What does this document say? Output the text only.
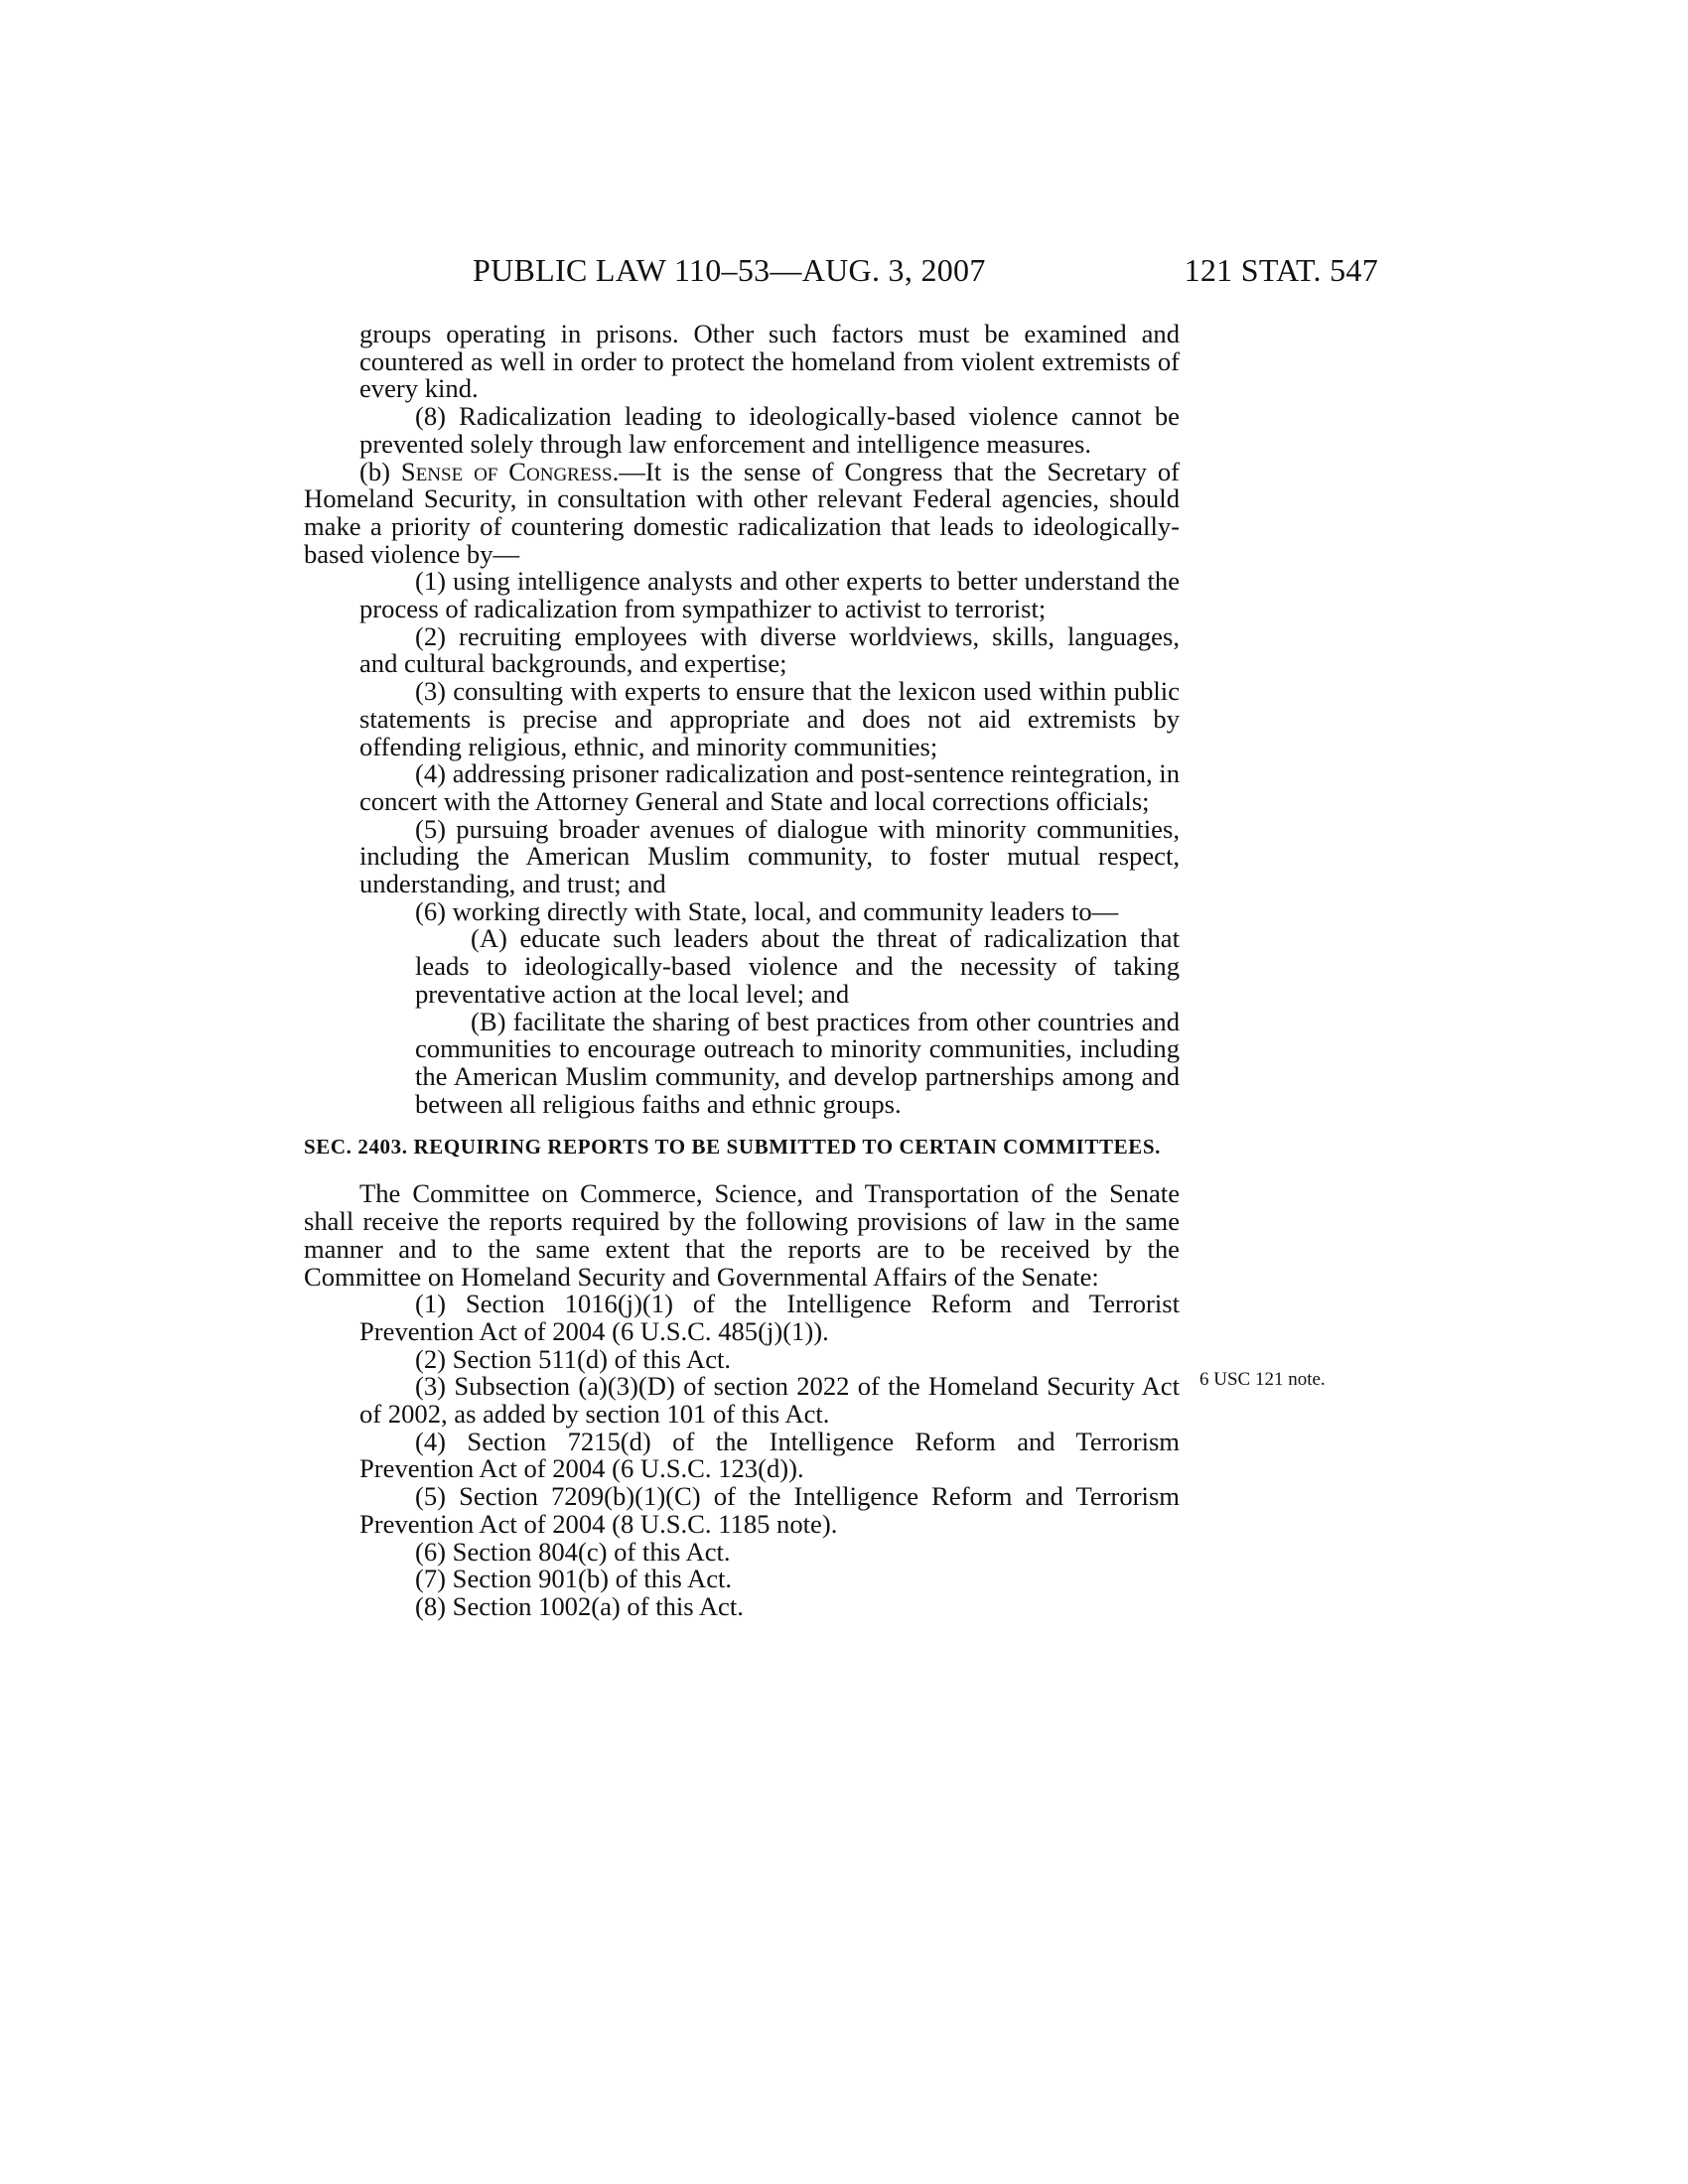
PUBLIC LAW 110–53—AUG. 3, 2007	121 STAT. 547

groups operating in prisons. Other such factors must be examined and countered as well in order to protect the homeland from violent extremists of every kind.

(8) Radicalization leading to ideologically-based violence cannot be prevented solely through law enforcement and intelligence measures.

(b) Sense of Congress.—It is the sense of Congress that the Secretary of Homeland Security, in consultation with other relevant Federal agencies, should make a priority of countering domestic radicalization that leads to ideologically-based violence by—

(1) using intelligence analysts and other experts to better understand the process of radicalization from sympathizer to activist to terrorist;

(2) recruiting employees with diverse worldviews, skills, languages, and cultural backgrounds, and expertise;

(3) consulting with experts to ensure that the lexicon used within public statements is precise and appropriate and does not aid extremists by offending religious, ethnic, and minority communities;

(4) addressing prisoner radicalization and post-sentence reintegration, in concert with the Attorney General and State and local corrections officials;

(5) pursuing broader avenues of dialogue with minority communities, including the American Muslim community, to foster mutual respect, understanding, and trust; and

(6) working directly with State, local, and community leaders to—

(A) educate such leaders about the threat of radicalization that leads to ideologically-based violence and the necessity of taking preventative action at the local level; and

(B) facilitate the sharing of best practices from other countries and communities to encourage outreach to minority communities, including the American Muslim community, and develop partnerships among and between all religious faiths and ethnic groups.

SEC. 2403. REQUIRING REPORTS TO BE SUBMITTED TO CERTAIN COMMITTEES.

The Committee on Commerce, Science, and Transportation of the Senate shall receive the reports required by the following provisions of law in the same manner and to the same extent that the reports are to be received by the Committee on Homeland Security and Governmental Affairs of the Senate:

(1) Section 1016(j)(1) of the Intelligence Reform and Terrorist Prevention Act of 2004 (6 U.S.C. 485(j)(1)).

(2) Section 511(d) of this Act.

(3) Subsection (a)(3)(D) of section 2022 of the Homeland Security Act of 2002, as added by section 101 of this Act.

(4) Section 7215(d) of the Intelligence Reform and Terrorism Prevention Act of 2004 (6 U.S.C. 123(d)).

(5) Section 7209(b)(1)(C) of the Intelligence Reform and Terrorism Prevention Act of 2004 (8 U.S.C. 1185 note).

(6) Section 804(c) of this Act.

(7) Section 901(b) of this Act.

(8) Section 1002(a) of this Act.

6 USC 121 note.
